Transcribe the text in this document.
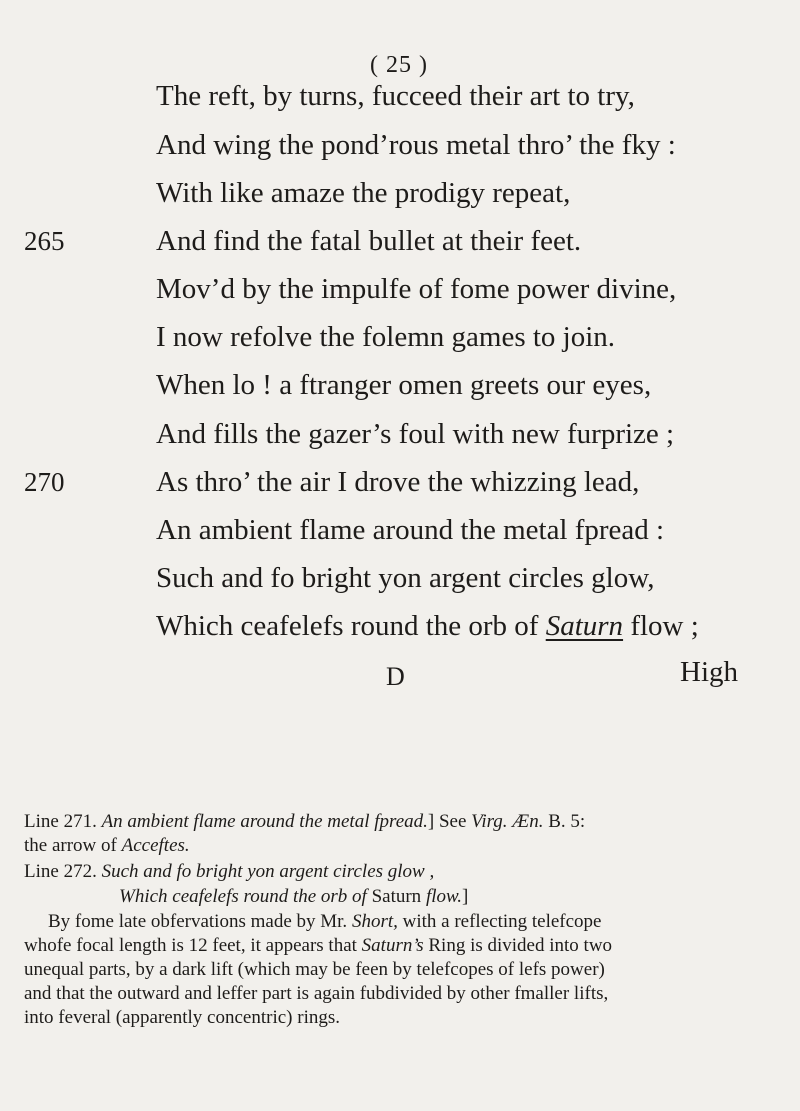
( 25 )
The reft, by turns, fucceed their art to try,
And wing the pond’rous metal thro’ the fky :
With like amaze the prodigy repeat,
265	And find the fatal bullet at their feet.
Mov’d by the impulfe of fome power divine,
I now refolve the folemn games to join.
When lo ! a ftranger omen greets our eyes,
And fills the gazer’s foul with new furprize ;
270	As thro’ the air I drove the whizzing lead,
An ambient flame around the metal fpread :
Such and fo bright yon argent circles glow,
Which ceafelefs round the orb of Saturn flow ;
D	High
Line 271. An ambient flame around the metal fpread.] See Virg. Æn. B. 5:
the arrow of Acceftes.
Line 272. Such and fo bright yon argent circles glow ,
Which ceafelefs round the orb of Saturn flow.]
By fome late obfervations made by Mr. Short, with a reflecting telefcope
whofe focal length is 12 feet, it appears that Saturn’s Ring is divided into two
unequal parts, by a dark lift (which may be feen by telefcopes of lefs power)
and that the outward and leffer part is again fubdivided by other fmaller lifts,
into feveral (apparently concentric) rings.
